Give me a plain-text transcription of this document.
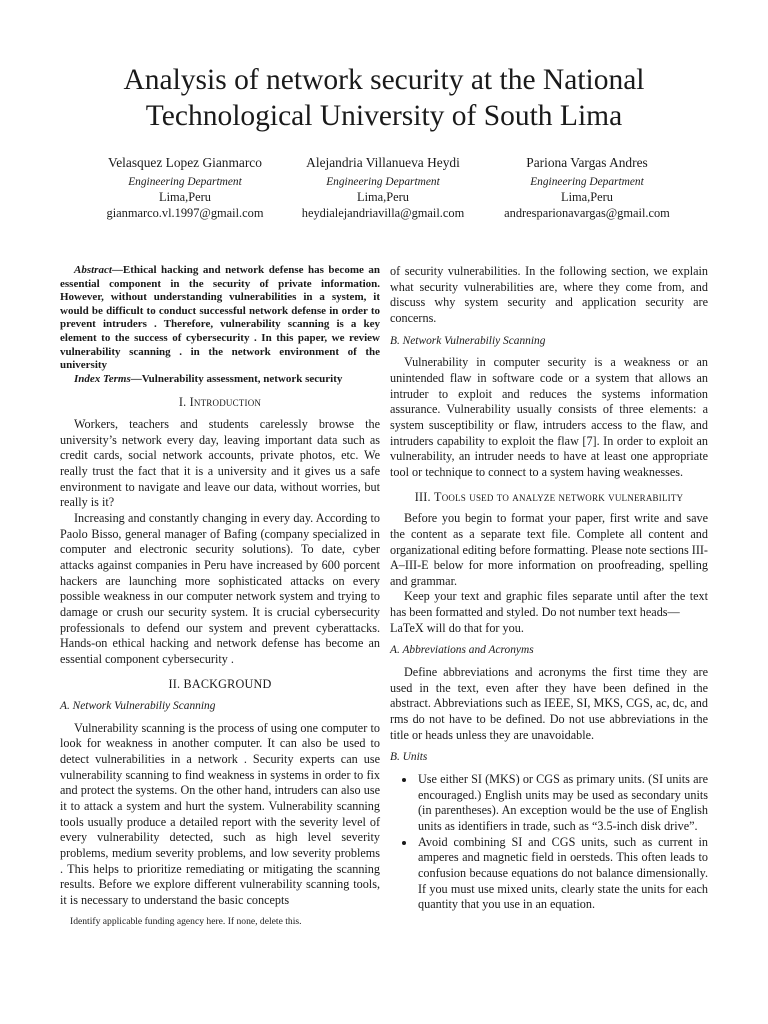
Analysis of network security at the National Technological University of South Lima
Velasquez Lopez Gianmarco
Engineering Department
Lima,Peru
gianmarco.vl.1997@gmail.com
Alejandria Villanueva Heydi
Engineering Department
Lima,Peru
heydialejandriavilla@gmail.com
Pariona Vargas Andres
Engineering Department
Lima,Peru
andresparionavargas@gmail.com

Abstract—Ethical hacking and network defense has become an essential component in the security of private information. However, without understanding vulnerabilities in a system, it would be difficult to conduct successful network defense in order to prevent intruders . Therefore, vulnerability scanning is a key element to the success of cybersecurity . In this paper, we review vulnerability scanning . in the network environment of the university

Index Terms—Vulnerability assessment, network security

I. Introduction

Workers, teachers and students carelessly browse the university’s network every day, leaving important data such as credit cards, social network accounts, private photos, etc. We really trust the fact that it is a university and it gives us a safe environment to navigate and leave our data, without worries, but really is it?

Increasing and constantly changing in every day. According to Paolo Bisso, general manager of Bafing (company specialized in computer and electronic security solutions). To date, cyber attacks against companies in Peru have increased by 600 porcent hackers are launching more sophisticated attacks on every possible weakness in our computer network system and trying to damage or crush our security system. It is crucial cybersecurity professionals to defend our system and prevent cyberattacks. Hands-on ethical hacking and network defense has become an essential component cybersecurity .

II. BACKGROUND
A. Network Vulnerabiliy Scanning

Vulnerability scanning is the process of using one computer to look for weakness in another computer. It can also be used to detect vulnerabilities in a network . Security experts can use vulnerability scanning to find weakness in systems in order to fix and protect the systems. On the other hand, intruders can also use it to attack a system and hurt the system. Vulnerability scanning tools usually produce a detailed report with the severity level of every vulnerability detected, such as high level severity problems, medium severity problems, and low severity problems . This helps to prioritize remediating or mitigating the scanning results. Before we explore different vulnerability scanning tools, it is necessary to understand the basic concepts

of security vulnerabilities. In the following section, we explain what security vulnerabilities are, where they come from, and discuss why system security and application security are concerns.

B. Network Vulnerabiliy Scanning

Vulnerability in computer security is a weakness or an unintended flaw in software code or a system that allows an intruder to exploit and reduces the systems information assurance. Vulnerability usually consists of three elements: a system susceptibility or flaw, intruders access to the flaw, and intruders capability to exploit the flaw [7]. In order to exploit an vulnerability, an intruder needs to have at least one appropriate tool or technique to connect to a system having weaknesses.

III. Tools used to analyze network vulnerability

Before you begin to format your paper, first write and save the content as a separate text file. Complete all content and organizational editing before formatting. Please note sections III-A–III-E below for more information on proofreading, spelling and grammar.

Keep your text and graphic files separate until after the text has been formatted and styled. Do not number text heads—
LaTeX will do that for you.

A. Abbreviations and Acronyms

Define abbreviations and acronyms the first time they are used in the text, even after they have been defined in the abstract. Abbreviations such as IEEE, SI, MKS, CGS, ac, dc, and rms do not have to be defined. Do not use abbreviations in the title or heads unless they are unavoidable.

B. Units
• Use either SI (MKS) or CGS as primary units. (SI units are encouraged.) English units may be used as secondary units (in parentheses). An exception would be the use of English units as identifiers in trade, such as “3.5-inch disk drive”.
• Avoid combining SI and CGS units, such as current in amperes and magnetic field in oersteds. This often leads to confusion because equations do not balance dimensionally. If you must use mixed units, clearly state the units for each quantity that you use in an equation.
Identify applicable funding agency here. If none, delete this.
